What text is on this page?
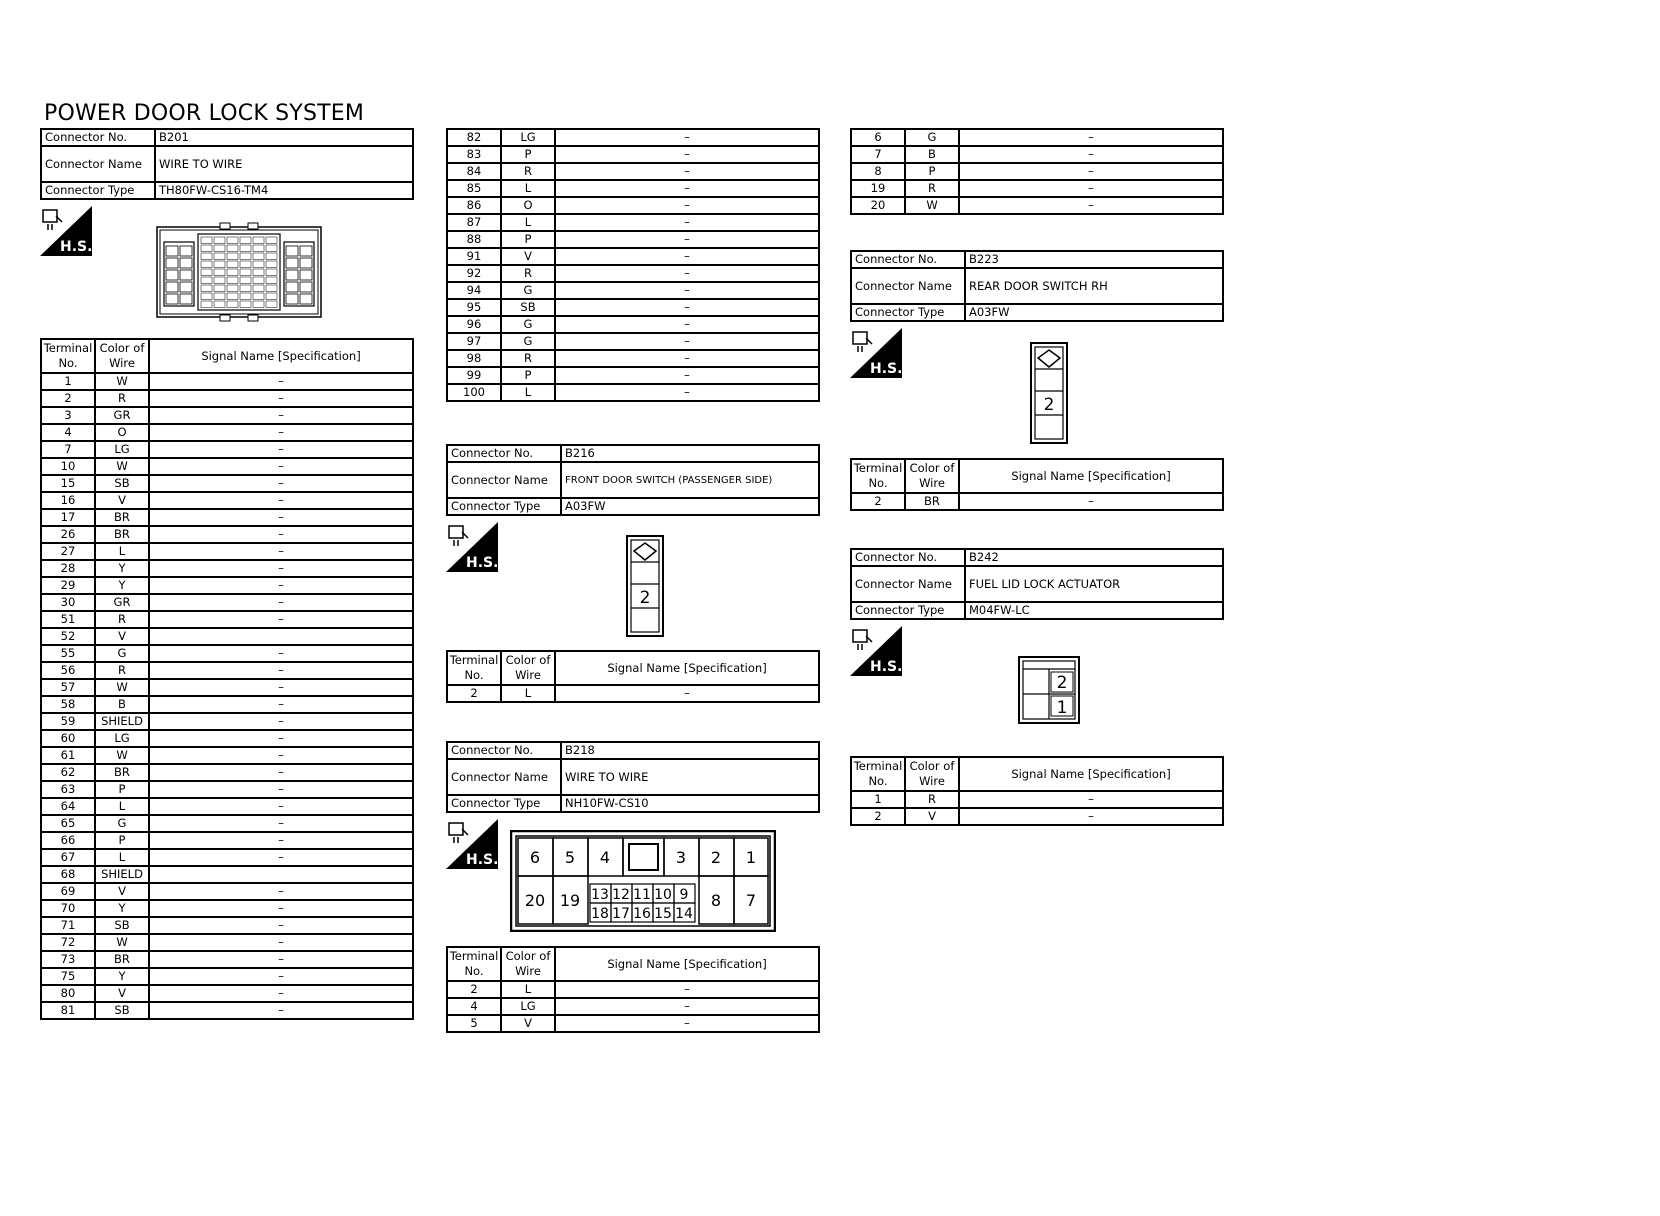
POWER DOOR LOCK SYSTEM
Connector No.	B201
Connector Name	WIRE TO WIRE
Connector Type	TH80FW-CS16-TM4
H.S.
Terminal No.	Color of Wire	Signal Name [Specification]
1	W	–
2	R	–
3	GR	–
4	O	–
7	LG	–
10	W	–
15	SB	–
16	V	–
17	BR	–
26	BR	–
27	L	–
28	Y	–
29	Y	–
30	GR	–
51	R	–
52	V	
55	G	–
56	R	–
57	W	–
58	B	–
59	SHIELD	–
60	LG	–
61	W	–
62	BR	–
63	P	–
64	L	–
65	G	–
66	P	–
67	L	–
68	SHIELD	
69	V	–
70	Y	–
71	SB	–
72	W	–
73	BR	–
75	Y	–
80	V	–
81	SB	–
82	LG	–
83	P	–
84	R	–
85	L	–
86	O	–
87	L	–
88	P	–
91	V	–
92	R	–
94	G	–
95	SB	–
96	G	–
97	G	–
98	R	–
99	P	–
100	L	–
Connector No.	B216
Connector Name	FRONT DOOR SWITCH (PASSENGER SIDE)
Connector Type	A03FW
H.S.
2
Terminal No.	Color of Wire	Signal Name [Specification]
2	L	–
Connector No.	B218
Connector Name	WIRE TO WIRE
Connector Type	NH10FW-CS10
H.S. 6 5 4	3 2 1
20 19	8 7
13 12 11 10 9
18 17 16 15 14
Terminal No.	Color of Wire	Signal Name [Specification]
2	L	–
4	LG	–
5	V	–
6	G	–
7	B	–
8	P	–
19	R	–
20	W	–
Connector No.	B223
Connector Name	REAR DOOR SWITCH RH
Connector Type	A03FW
H.S.
2
Terminal No.	Color of Wire	Signal Name [Specification]
2	BR	–
Connector No.	B242
Connector Name	FUEL LID LOCK ACTUATOR
Connector Type	M04FW-LC
H.S.
2
1
Terminal No.	Color of Wire	Signal Name [Specification]
1	R	–
2	V	–
